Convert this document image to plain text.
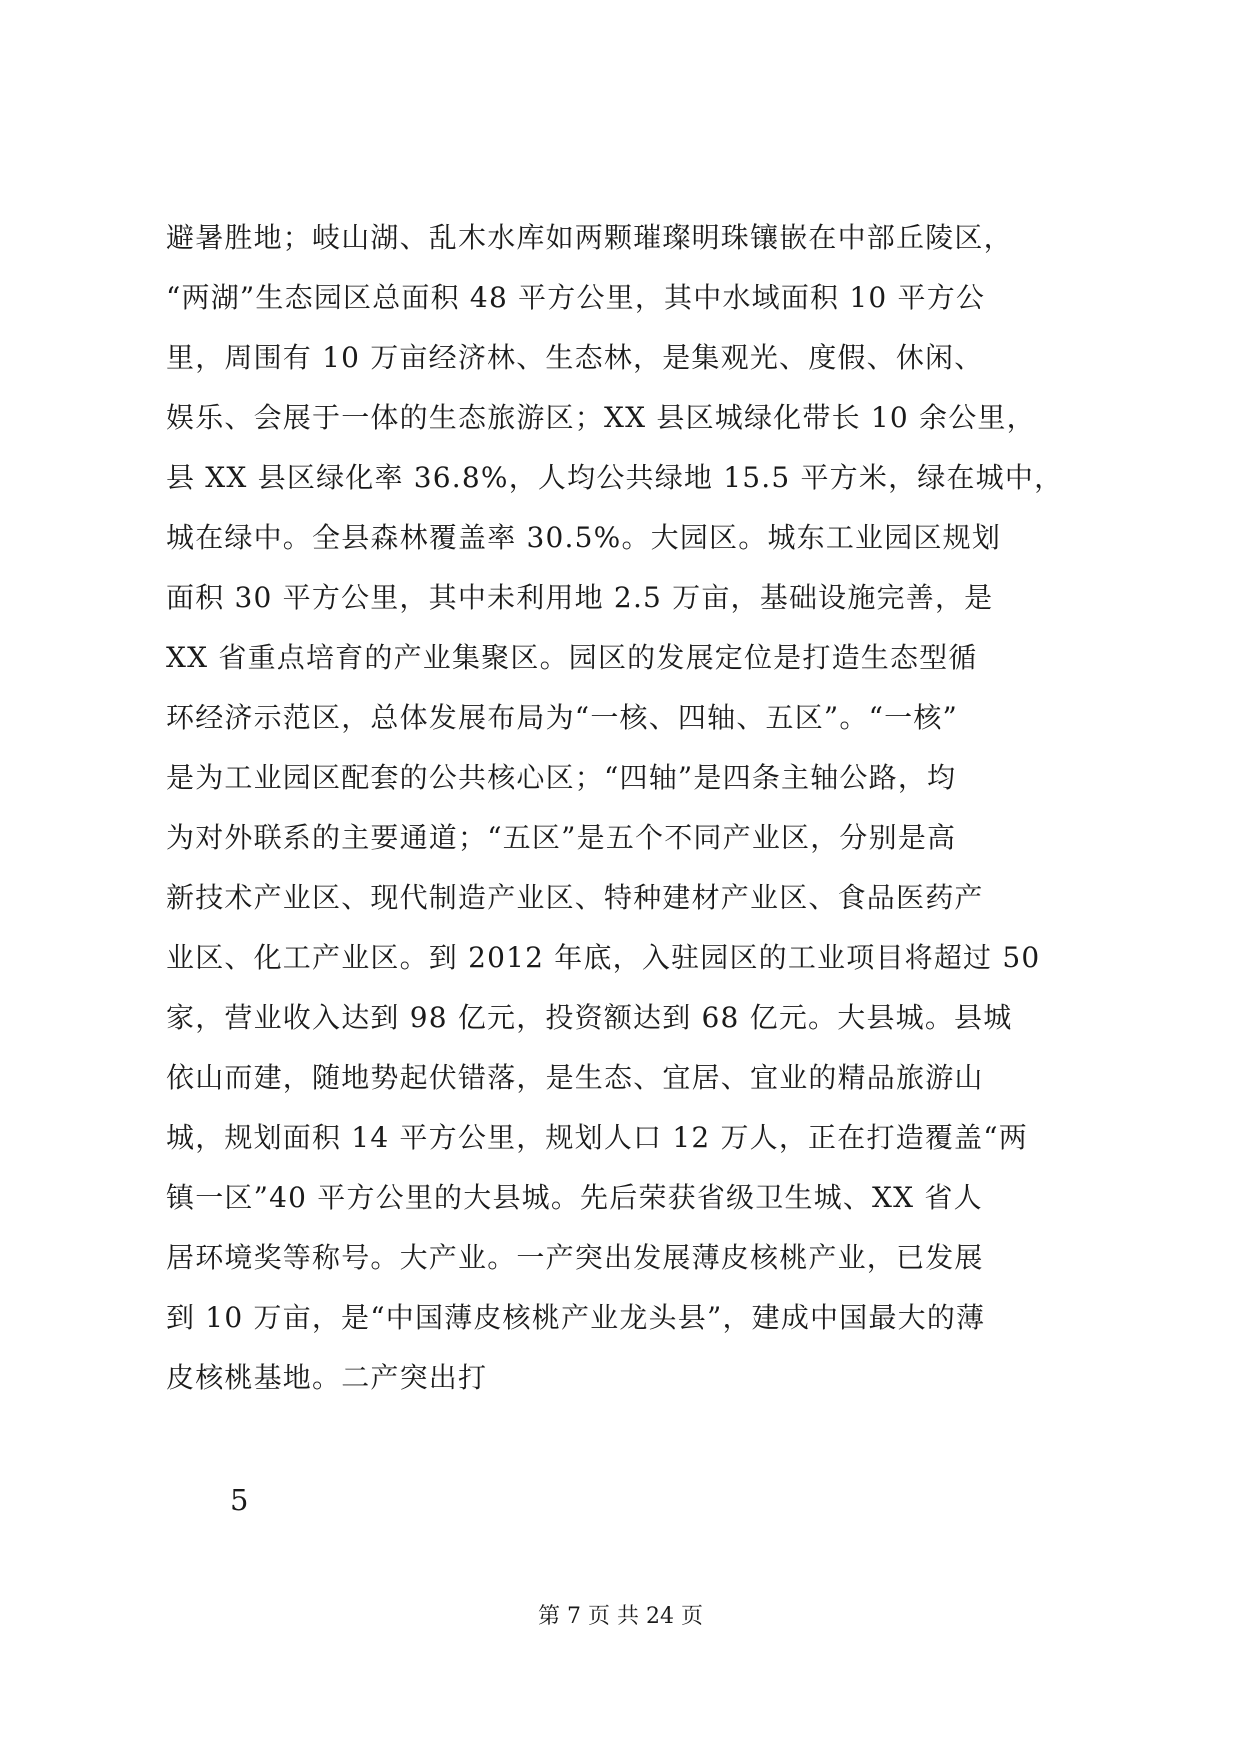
避暑胜地；岐山湖、乱木水库如两颗璀璨明珠镶嵌在中部丘陵区，
“两湖”生态园区总面积 48 平方公里，其中水域面积 10 平方公
里，周围有 10 万亩经济林、生态林，是集观光、度假、休闲、
娱乐、会展于一体的生态旅游区；XX 县区城绿化带长 10 余公里，
县 XX 县区绿化率 36.8%，人均公共绿地 15.5 平方米，绿在城中，
城在绿中。全县森林覆盖率 30.5%。大园区。城东工业园区规划
面积 30 平方公里，其中未利用地 2.5 万亩，基础设施完善，是
XX 省重点培育的产业集聚区。园区的发展定位是打造生态型循
环经济示范区，总体发展布局为“一核、四轴、五区”。“一核”
是为工业园区配套的公共核心区；“四轴”是四条主轴公路，均
为对外联系的主要通道；“五区”是五个不同产业区，分别是高
新技术产业区、现代制造产业区、特种建材产业区、食品医药产
业区、化工产业区。到 2012 年底，入驻园区的工业项目将超过 50
家，营业收入达到 98 亿元，投资额达到 68 亿元。大县城。县城
依山而建，随地势起伏错落，是生态、宜居、宜业的精品旅游山
城，规划面积 14 平方公里，规划人口 12 万人，正在打造覆盖“两
镇一区”40 平方公里的大县城。先后荣获省级卫生城、XX 省人
居环境奖等称号。大产业。一产突出发展薄皮核桃产业，已发展
到 10 万亩，是“中国薄皮核桃产业龙头县”，建成中国最大的薄
皮核桃基地。二产突出打
5
第 7 页 共 24 页
